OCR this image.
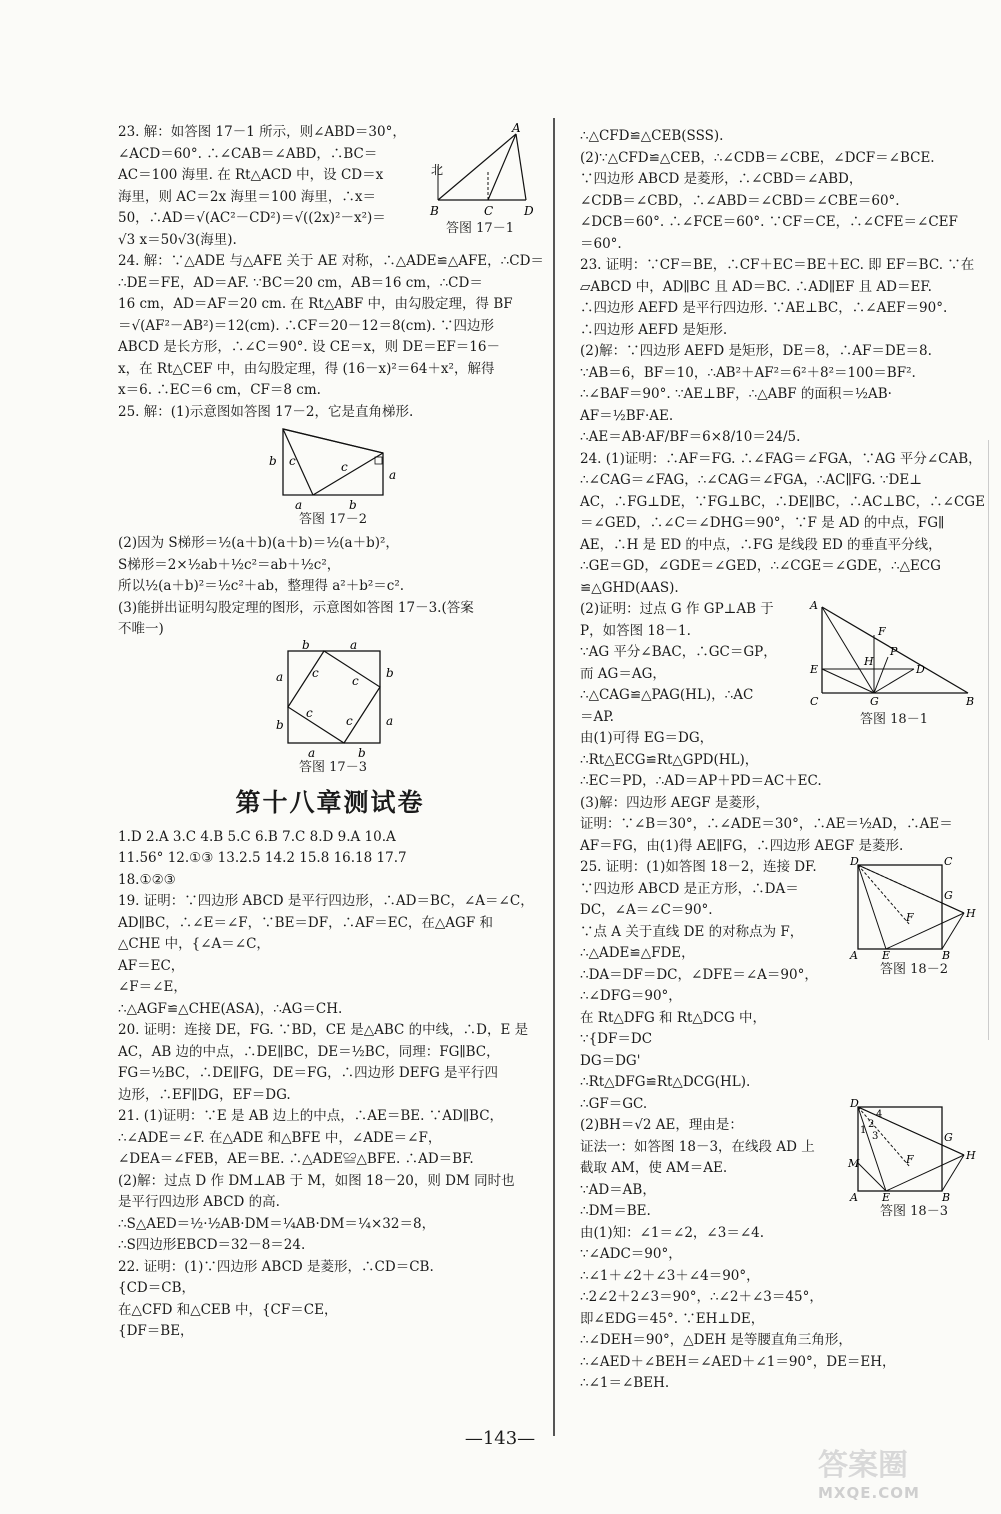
23. 解：如答图 17－1 所示，则∠ABD＝30°，
∠ACD＝60°. ∴∠CAB＝∠ABD，∴BC＝
AC＝100 海里. 在 Rt△ACD 中，设 CD＝x
海里，则 AC＝2x 海里＝100 海里，∴x＝
50，∴AD＝√(AC²－CD²)＝√((2x)²－x²)＝
√3 x＝50√3(海里).
A
北
B	C	D
答图 17－1
24. 解：∵△ADE 与△AFE 关于 AE 对称，∴△ADE≌△AFE，∴CD＝
∴DE＝FE，AD＝AF. ∵BC＝20 cm，AB＝16 cm，∴CD＝
16 cm，AD＝AF＝20 cm. 在 Rt△ABF 中，由勾股定理，得 BF
＝√(AF²－AB²)＝12(cm). ∴CF＝20－12＝8(cm). ∵四边形
ABCD 是长方形，∴∠C＝90°. 设 CE＝x，则 DE＝EF＝16－
x，在 Rt△CEF 中，由勾股定理，得 (16－x)²＝64＋x²，解得
x＝6. ∴EC＝6 cm，CF＝8 cm.
25. 解：(1)示意图如答图 17－2，它是直角梯形.
b c	c
a
a	b
答图 17－2
(2)因为 S梯形＝½(a＋b)(a＋b)＝½(a＋b)²，
S梯形＝2×½ab＋½c²＝ab＋½c²，
所以½(a＋b)²＝½c²＋ab，整理得 a²＋b²＝c².
(3)能拼出证明勾股定理的图形，示意图如答图 17－3.(答案
不唯一)
b	a
a
b
c
c
c
c
b
a
a	b
答图 17－3
第十八章测试卷
1.D 2.A 3.C 4.B 5.C 6.B 7.C 8.D 9.A 10.A
11.56° 12.①③ 13.2.5 14.2 15.8 16.18 17.7
18.①②③
19. 证明：∵四边形 ABCD 是平行四边形，∴AD＝BC，∠A＝∠C，
AD∥BC，∴∠E＝∠F，∵BE＝DF，∴AF＝EC，在△AGF 和
△CHE 中，{∠A＝∠C，
AF＝EC，
∠F＝∠E，
∴△AGF≌△CHE(ASA)，∴AG＝CH.
20. 证明：连接 DE，FG. ∵BD，CE 是△ABC 的中线，∴D，E 是
AC，AB 边的中点，∴DE∥BC，DE＝½BC，同理：FG∥BC，
FG＝½BC，∴DE∥FG，DE＝FG，∴四边形 DEFG 是平行四
边形，∴EF∥DG，EF＝DG.
21. (1)证明：∵E 是 AB 边上的中点，∴AE＝BE. ∵AD∥BC，
∴∠ADE＝∠F. 在△ADE 和△BFE 中，∠ADE＝∠F，
∠DEA＝∠FEB，AE＝BE. ∴△ADE≌△BFE. ∴AD＝BF.
(2)解：过点 D 作 DM⊥AB 于 M，如图 18－20，则 DM 同时也
是平行四边形 ABCD 的高.
∴S△AED＝½·½AB·DM＝¼AB·DM＝¼×32＝8，
∴S四边形EBCD＝32－8＝24.
22. 证明：(1)∵四边形 ABCD 是菱形，∴CD＝CB.
{CD＝CB，
在△CFD 和△CEB 中，{CF＝CE，
{DF＝BE，
∴△CFD≌△CEB(SSS).
(2)∵△CFD≌△CEB，∴∠CDB＝∠CBE，∠DCF＝∠BCE.
∵四边形 ABCD 是菱形，∴∠CBD＝∠ABD，
∠CDB＝∠CBD，∴∠ABD＝∠CBD＝∠CBE＝60°.
∠DCB＝60°. ∴∠FCE＝60°. ∵CF＝CE，∴∠CFE＝∠CEF
＝60°.
23. 证明：∵CF＝BE，∴CF＋EC＝BE＋EC. 即 EF＝BC. ∵在
▱ABCD 中，AD∥BC 且 AD＝BC. ∴AD∥EF 且 AD＝EF.
∴四边形 AEFD 是平行四边形. ∵AE⊥BC，∴∠AEF＝90°.
∴四边形 AEFD 是矩形.
(2)解：∵四边形 AEFD 是矩形，DE＝8，∴AF＝DE＝8.
∵AB＝6，BF＝10，∴AB²＋AF²＝6²＋8²＝100＝BF².
∴∠BAF＝90°. ∵AE⊥BF，∴△ABF 的面积＝½AB·
AF＝½BF·AE.
∴AE＝AB·AF/BF＝6×8/10＝24/5.
24. (1)证明：∴AF＝FG. ∴∠FAG＝∠FGA，∵AG 平分∠CAB，
∴∠CAG＝∠FAG，∴∠CAG＝∠FGA，∴AC∥FG. ∵DE⊥
AC，∴FG⊥DE，∵FG⊥BC，∴DE∥BC，∴AC⊥BC，∴∠CGE
＝∠GED，∴∠C＝∠DHG＝90°，∵F 是 AD 的中点，FG∥
AE，∴H 是 ED 的中点，∴FG 是线段 ED 的垂直平分线，
∴GE＝GD，∠GDE＝∠GED，∴∠CGE＝∠GDE，∴△ECG
≌△GHD(AAS).
(2)证明：过点 G 作 GP⊥AB 于
P，如答图 18－1.
∵AG 平分∠BAC，∴GC＝GP，
而 AG＝AG，
∴△CAG≌△PAG(HL)，∴AC
＝AP.
由(1)可得 EG＝DG，
∴Rt△ECG≌Rt△GPD(HL)，
∴EC＝PD，∴AD＝AP＋PD＝AC＋EC.
(3)解：四边形 AEGF 是菱形，
A
F
P
H
E	D
C	G	B
答图 18－1
证明：∵∠B＝30°，∴∠ADE＝30°，∴AE＝½AD，∴AE＝
AF＝FG，由(1)得 AE∥FG，∴四边形 AEGF 是菱形.
25. 证明：(1)如答图 18－2，连接 DF.
∵四边形 ABCD 是正方形，∴DA＝
DC，∠A＝∠C＝90°.
∵点 A 关于直线 DE 的对称点为 F，
∴△ADE≌△FDE，
∴DA＝DF＝DC，∠DFE＝∠A＝90°，
∴∠DFG＝90°，
在 Rt△DFG 和 Rt△DCG 中，
∵{DF＝DC
DG＝DG'
∴Rt△DFG≌Rt△DCG(HL).
∴GF＝GC.
(2)BH＝√2 AE，理由是：
证法一：如答图 18－3，在线段 AD 上
截取 AM，使 AM＝AE.
∵AD＝AB，
∴DM＝BE.
由(1)知：∠1＝∠2，∠3＝∠4.
∵∠ADC＝90°，
∴∠1＋∠2＋∠3＋∠4＝90°，
∴2∠2＋2∠3＝90°，∴∠2＋∠3＝45°，
即∠EDG＝45°. ∵EH⊥DE，
∴∠DEH＝90°，△DEH 是等腰直角三角形，
∴∠AED＋∠BEH＝∠AED＋∠1＝90°，DE＝EH，
∴∠1＝∠BEH.
D	C
G
H
F
A E	B
答图 18－2
D
4
1
2
3	G
H
M	F
A E	B
答图 18－3
—143—
答案圈
MXQE.COM
